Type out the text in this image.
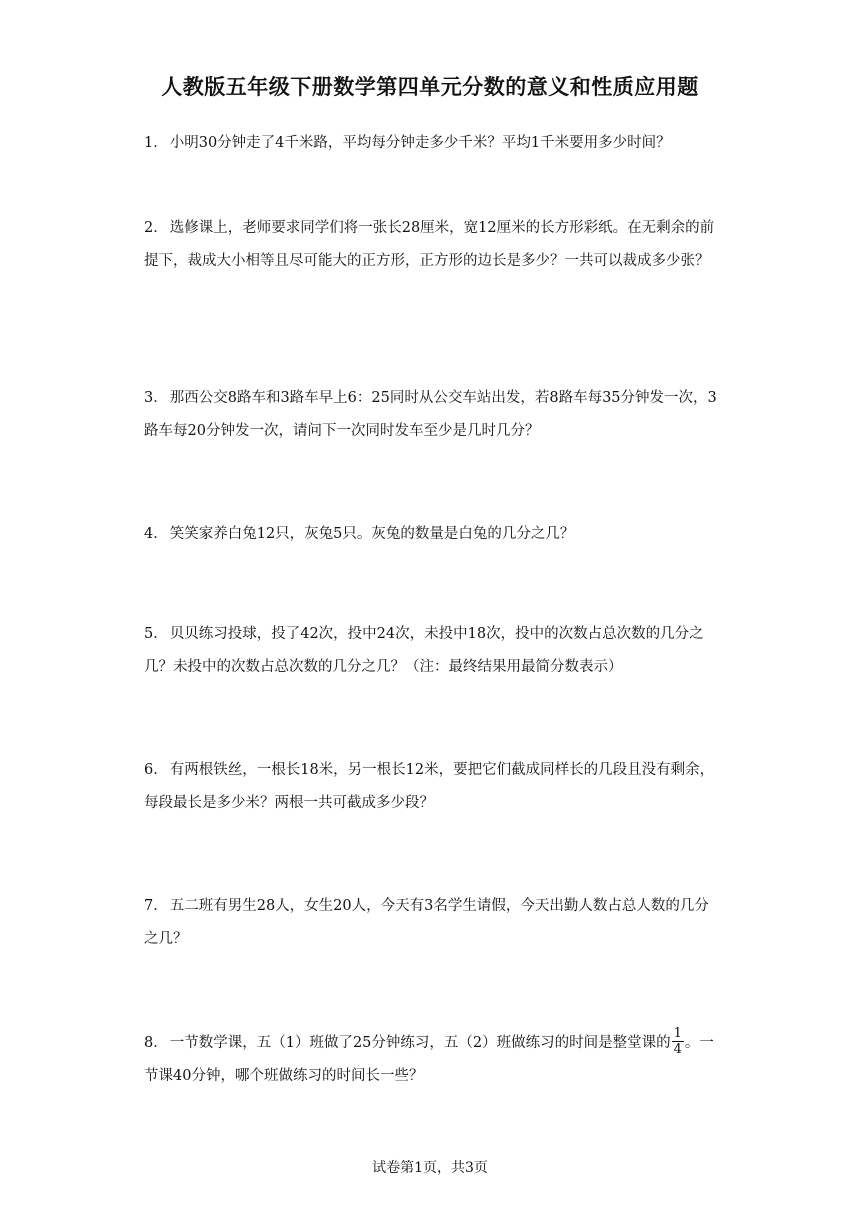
人教版五年级下册数学第四单元分数的意义和性质应用题
1． 小明30分钟走了4千米路，平均每分钟走多少千米？平均1千米要用多少时间？
2． 选修课上，老师要求同学们将一张长28厘米，宽12厘米的长方形彩纸。在无剩余的前提下，裁成大小相等且尽可能大的正方形，正方形的边长是多少？一共可以裁成多少张？
3． 那西公交8路车和3路车早上6：25同时从公交车站出发，若8路车每35分钟发一次，3路车每20分钟发一次，请问下一次同时发车至少是几时几分？
4． 笑笑家养白兔12只，灰兔5只。灰兔的数量是白兔的几分之几？
5． 贝贝练习投球，投了42次，投中24次，未投中18次，投中的次数占总次数的几分之几？未投中的次数占总次数的几分之几？（注：最终结果用最简分数表示）
6． 有两根铁丝，一根长18米，另一根长12米，要把它们截成同样长的几段且没有剩余，每段最长是多少米？两根一共可截成多少段？
7． 五二班有男生28人，女生20人，今天有3名学生请假，今天出勤人数占总人数的几分之几？
8． 一节数学课，五（1）班做了25分钟练习，五（2）班做练习的时间是整堂课的 $\frac{1}{4}$ 。一节课40分钟，哪个班做练习的时间长一些？
试卷第1页，共3页
